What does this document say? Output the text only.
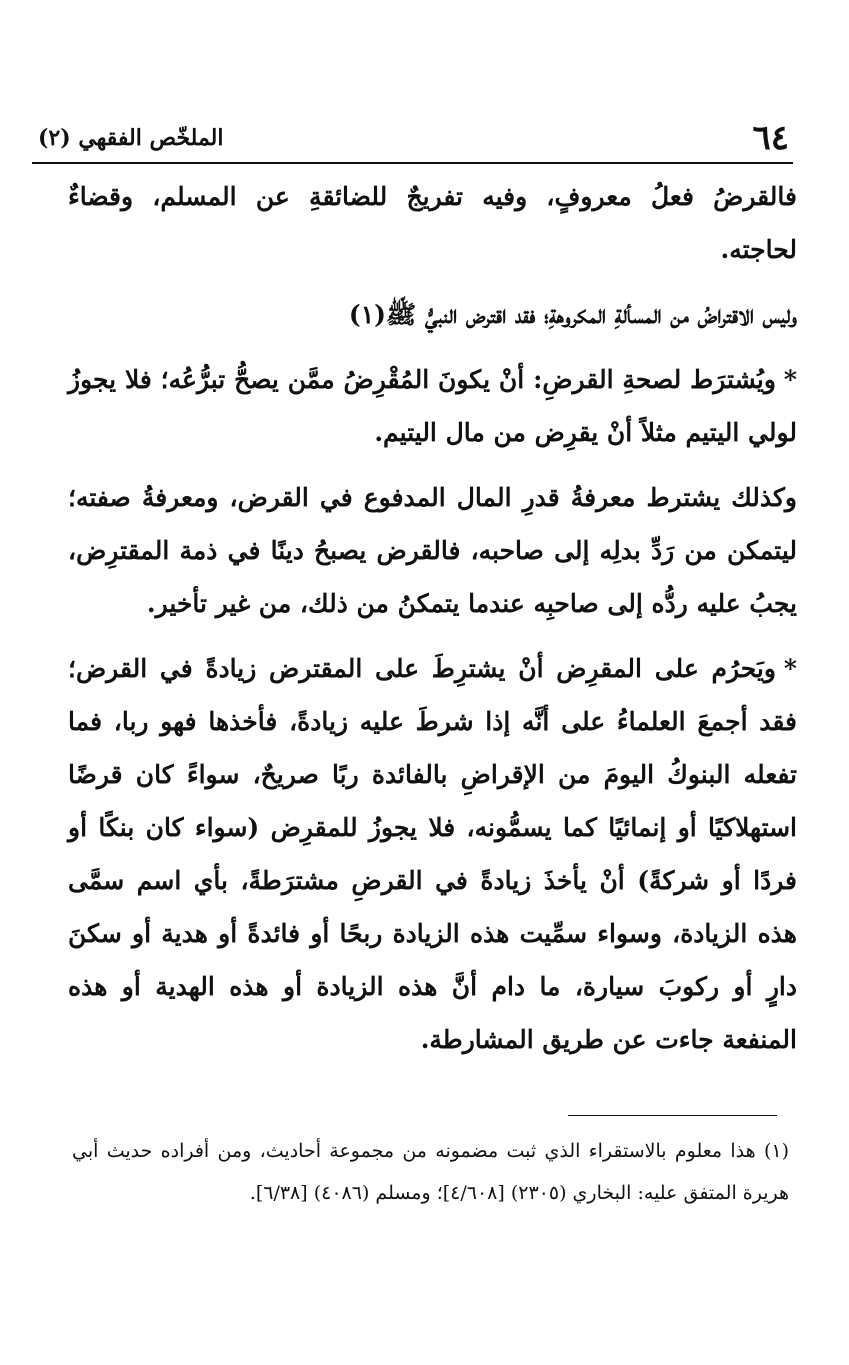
٦٤
الملخّص الفقهي (٢)

فالقرضُ فعلُ معروفٍ، وفيه تفريجٌ للضائقةِ عن المسلم، وقضاءٌ لحاجته.

وليس الاقتراضُ من المسألةِ المكروهةِ؛ فقد اقترض النبيُّ ﷺ(١)

*ويُشترَط لصحةِ القرضِ: أنْ يكونَ المُقْرِضُ ممَّن يصحُّ تبرُّعُه؛ فلا يجوزُ لولي اليتيم مثلاً أنْ يقرِض من مال اليتيم.

وكذلك يشترط معرفةُ قدرِ المال المدفوع في القرض، ومعرفةُ صفته؛ ليتمكن من رَدِّ بدلِه إلى صاحبه، فالقرض يصبحُ دينًا في ذمة المقترِض، يجبُ عليه ردُّه إلى صاحبِه عندما يتمكنُ من ذلك، من غير تأخير.

*ويَحرُم على المقرِض أنْ يشترِطَ على المقترض زيادةً في القرض؛ فقد أجمعَ العلماءُ على أنَّه إذا شرطَ عليه زيادةً، فأخذها فهو ربا، فما تفعله البنوكُ اليومَ من الإقراضِ بالفائدة ربًا صريحٌ، سواءً كان قرضًا استهلاكيًا أو إنمائيًا كما يسمُّونه، فلا يجوزُ للمقرِض (سواء كان بنكًا أو فردًا أو شركةً) أنْ يأخذَ زيادةً في القرضِ مشترَطةً، بأي اسم سمَّى هذه الزيادة، وسواء سمِّيت هذه الزيادة ربحًا أو فائدةً أو هدية أو سكنَ دارٍ أو ركوبَ سيارة، ما دام أنَّ هذه الزيادة أو هذه الهدية أو هذه المنفعة جاءت عن طريق المشارطة.

(١) هذا معلوم بالاستقراء الذي ثبت مضمونه من مجموعة أحاديث، ومن أفراده حديث أبي هريرة المتفق عليه: البخاري (٢٣٠٥) [٤/٦٠٨]؛ ومسلم (٤٠٨٦) [٦/٣٨].
